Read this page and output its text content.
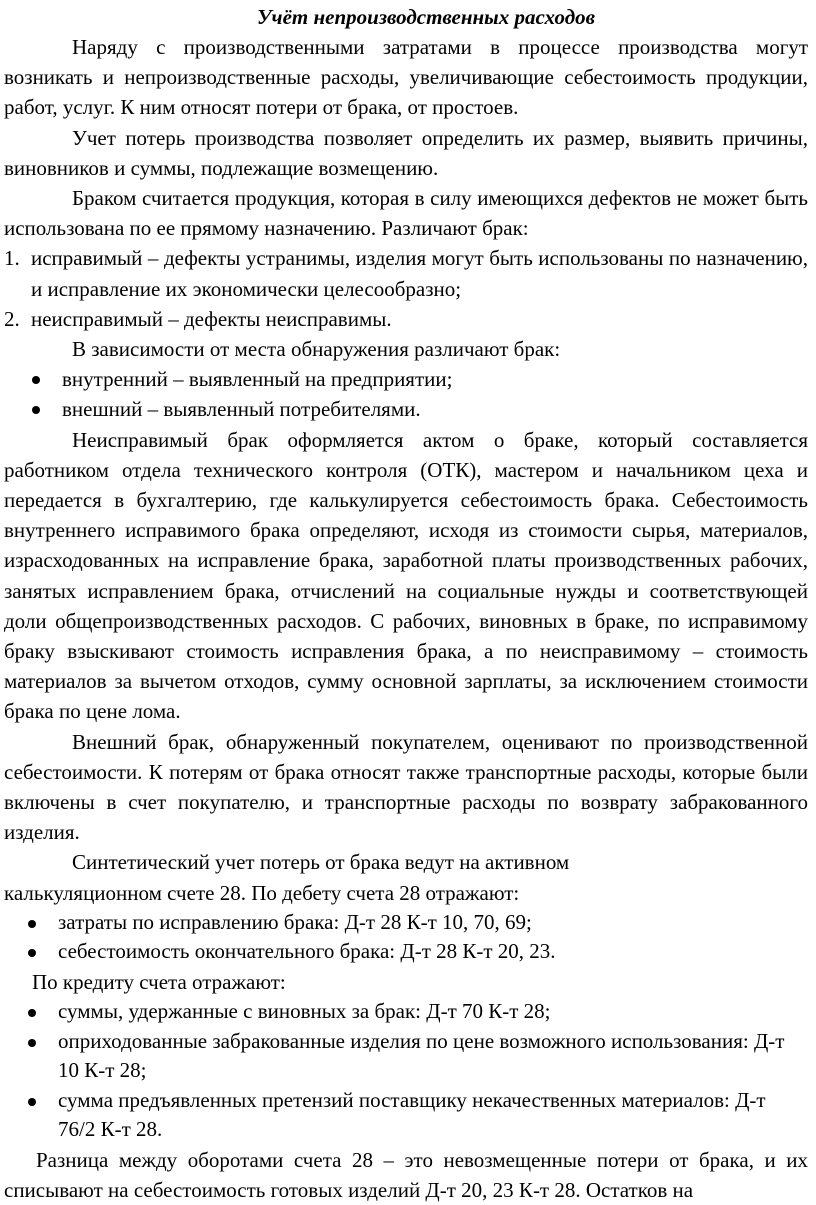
Учёт непроизводственных расходов

Наряду с производственными затратами в процессе производства могут возникать и непроизводственные расходы, увеличивающие себестоимость продукции, работ, услуг. К ним относят потери от брака, от простоев.

Учет потерь производства позволяет определить их размер, выявить причины, виновников и суммы, подлежащие возмещению.

Браком считается продукция, которая в силу имеющихся дефектов не может быть использована по ее прямому назначению. Различают брак:

1. исправимый – дефекты устранимы, изделия могут быть использованы по назначению, и исправление их экономически целесообразно;
2. неисправимый – дефекты неисправимы.

В зависимости от места обнаружения различают брак:

внутренний – выявленный на предприятии;
внешний – выявленный потребителями.

Неисправимый брак оформляется актом о браке, который составляется работником отдела технического контроля (ОТК), мастером и начальником цеха и передается в бухгалтерию, где калькулируется себестоимость брака. Себестоимость внутреннего исправимого брака определяют, исходя из стоимости сырья, материалов, израсходованных на исправление брака, заработной платы производственных рабочих, занятых исправлением брака, отчислений на социальные нужды и соответствующей доли общепроизводственных расходов. С рабочих, виновных в браке, по исправимому браку взыскивают стоимость исправления брака, а по неисправимому – стоимость материалов за вычетом отходов, сумму основной зарплаты, за исключением стоимости брака по цене лома.

Внешний брак, обнаруженный покупателем, оценивают по производственной себестоимости. К потерям от брака относят также транспортные расходы, которые были включены в счет покупателю, и транспортные расходы по возврату забракованного изделия.

Синтетический учет потерь от брака ведут на активном

калькуляционном счете 28. По дебету счета 28 отражают:

затраты по исправлению брака: Д-т 28 К-т 10, 70, 69;
себестоимость окончательного брака: Д-т 28 К-т 20, 23.

По кредиту счета отражают:

суммы, удержанные с виновных за брак: Д-т 70 К-т 28;
оприходованные забракованные изделия по цене возможного использования: Д-т 10 К-т 28;
сумма предъявленных претензий поставщику некачественных материалов: Д-т 76/2 К-т 28.

Разница между оборотами счета 28 – это невозмещенные потери от брака, и их списывают на себестоимость готовых изделий Д-т 20, 23 К-т 28. Остатков на
